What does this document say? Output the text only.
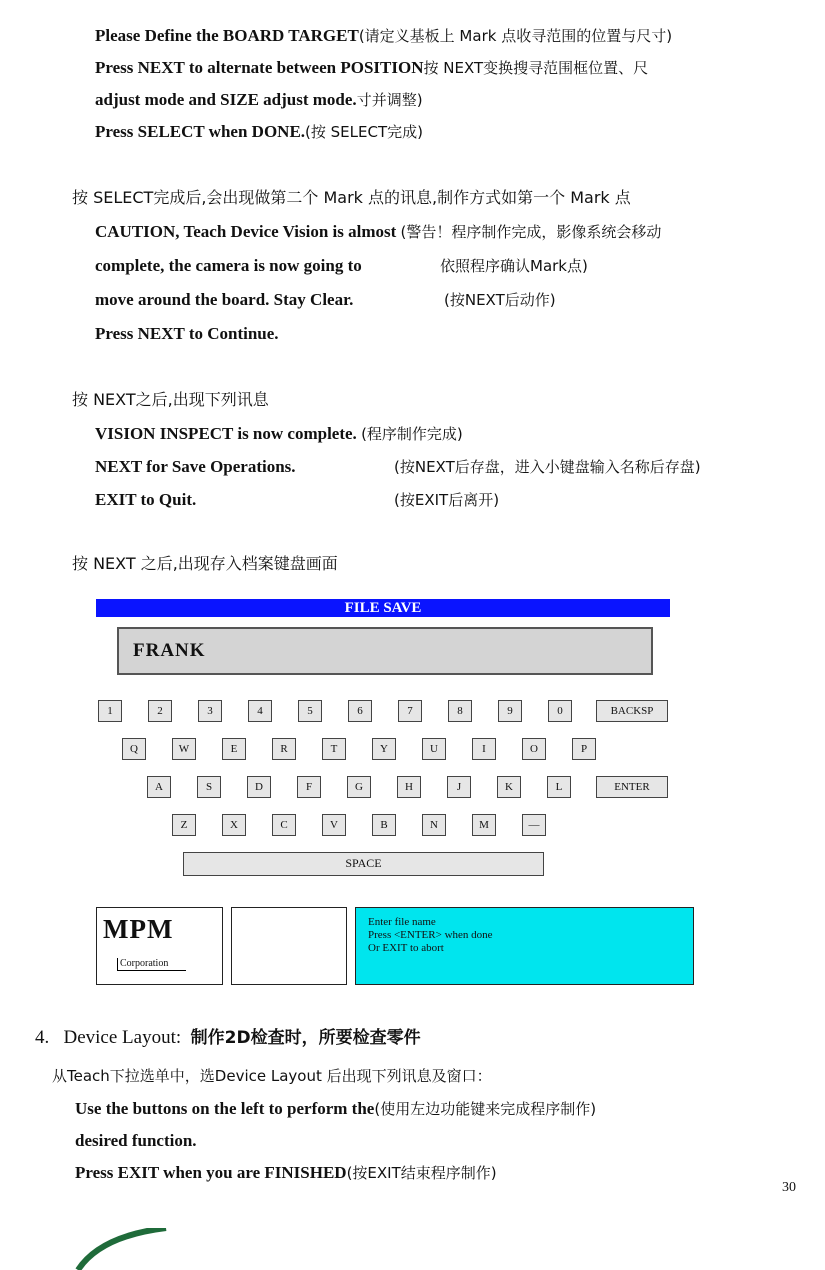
Please Define the BOARD TARGET(请定义基板上 Mark 点收寻范围的位置与尺寸)
Press NEXT to alternate between POSITION按 NEXT变换搜寻范围框位置、尺
adjust mode and SIZE adjust mode.寸并调整)
Press SELECT when DONE.(按 SELECT完成)
按 SELECT完成后,会出现做第二个 Mark 点的讯息,制作方式如第一个 Mark 点
CAUTION, Teach Device Vision is almost (警告！程序制作完成，影像系统会移动
complete, the camera is now going to	依照程序确认Mark点)
move around the board. Stay Clear.	(按NEXT后动作)
Press NEXT to Continue.
按 NEXT之后,出现下列讯息
VISION INSPECT is now complete. (程序制作完成)
NEXT for Save Operations.	(按NEXT后存盘，进入小键盘输入名称后存盘)
EXIT to Quit.	(按EXIT后离开)
按 NEXT 之后,出现存入档案键盘画面
FILE SAVE
FRANK
MPM
Corporation
Enter file name
Press <ENTER> when done
Or EXIT to abort
4. Device Layout: 制作2D检查时，所要检查零件
从Teach下拉选单中，选Device Layout 后出现下列讯息及窗口：
Use the buttons on the left to perform the(使用左边功能键来完成程序制作)
desired function.
Press EXIT when you are FINISHED(按EXIT结束程序制作)
30
1	2	3	4	5	6	7	8	9	0	BACKSP
Q	W	E	R	T	Y	U	I	O	P
A	S	D	F	G	H	J	K	L	ENTER
Z	X	C	V	B	N	M	—
SPACE
